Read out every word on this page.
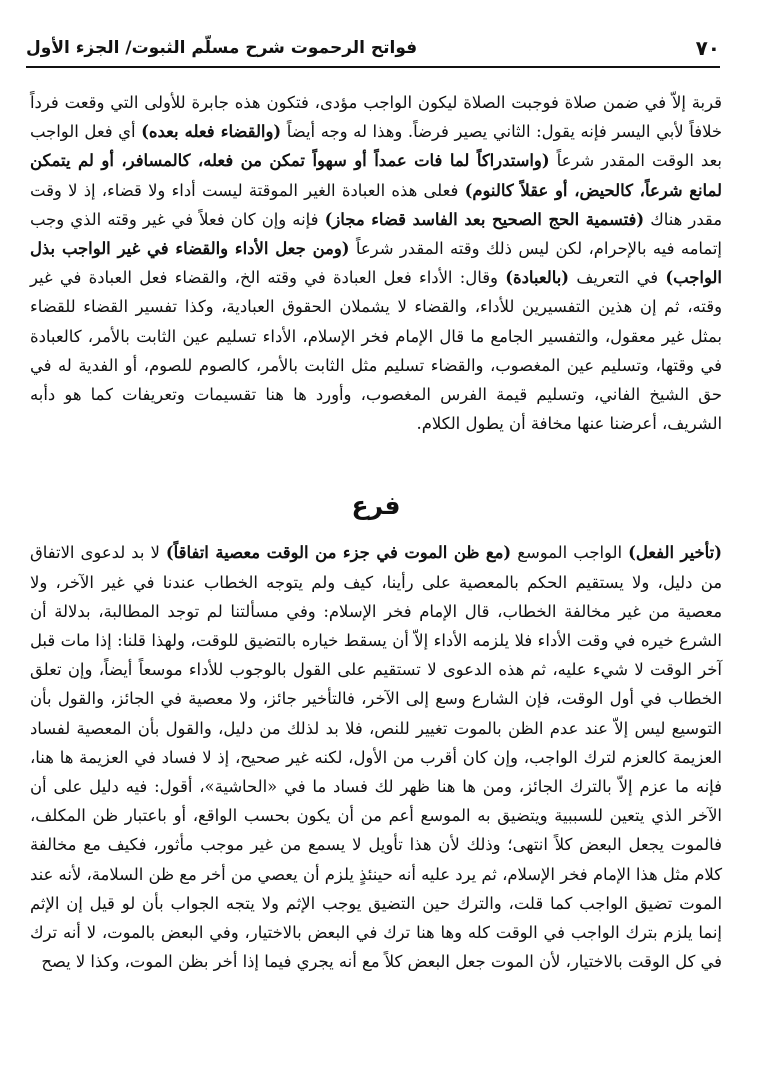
٧٠
فواتح الرحموت شرح مسلّم الثبوت/ الجزء الأول

قربة إلاّ في ضمن صلاة فوجبت الصلاة ليكون الواجب مؤدى، فتكون هذه جابرة للأولى التي وقعت فرداً خلافاً لأبي اليسر فإنه يقول: الثاني يصير فرضاً. وهذا له وجه أيضاً (والقضاء فعله بعده) أي فعل الواجب بعد الوقت المقدر شرعاً (واستدراكاً لما فات عمداً أو سهواً تمكن من فعله، كالمسافر، أو لم يتمكن لمانع شرعاً، كالحيض، أو عقلاً كالنوم) فعلى هذه العبادة الغير الموقتة ليست أداء ولا قضاء، إذ لا وقت مقدر هناك (فتسمية الحج الصحيح بعد الفاسد قضاء مجاز) فإنه وإن كان فعلاً في غير وقته الذي وجب إتمامه فيه بالإحرام، لكن ليس ذلك وقته المقدر شرعاً (ومن جعل الأداء والقضاء في غير الواجب بذل الواجب) في التعريف (بالعبادة) وقال: الأداء فعل العبادة في وقته الخ، والقضاء فعل العبادة في غير وقته، ثم إن هذين التفسيرين للأداء، والقضاء لا يشملان الحقوق العبادية، وكذا تفسير القضاء للقضاء بمثل غير معقول، والتفسير الجامع ما قال الإمام فخر الإسلام، الأداء تسليم عين الثابت بالأمر، كالعبادة في وقتها، وتسليم عين المغصوب، والقضاء تسليم مثل الثابت بالأمر، كالصوم للصوم، أو الفدية له في حق الشيخ الفاني، وتسليم قيمة الفرس المغصوب، وأورد ها هنا تقسيمات وتعريفات كما هو دأبه الشريف، أعرضنا عنها مخافة أن يطول الكلام.

فرع

(تأخير الفعل) الواجب الموسع (مع ظن الموت في جزء من الوقت معصية اتفاقاً) لا بد لدعوى الاتفاق من دليل، ولا يستقيم الحكم بالمعصية على رأينا، كيف ولم يتوجه الخطاب عندنا في غير الآخر، ولا معصية من غير مخالفة الخطاب، قال الإمام فخر الإسلام: وفي مسألتنا لم توجد المطالبة، بدلالة أن الشرع خيره في وقت الأداء فلا يلزمه الأداء إلاّ أن يسقط خياره بالتضيق للوقت، ولهذا قلنا: إذا مات قبل آخر الوقت لا شيء عليه، ثم هذه الدعوى لا تستقيم على القول بالوجوب للأداء موسعاً أيضاً، وإن تعلق الخطاب في أول الوقت، فإن الشارع وسع إلى الآخر، فالتأخير جائز، ولا معصية في الجائز، والقول بأن التوسيع ليس إلاّ عند عدم الظن بالموت تغيير للنص، فلا بد لذلك من دليل، والقول بأن المعصية لفساد العزيمة كالعزم لترك الواجب، وإن كان أقرب من الأول، لكنه غير صحيح، إذ لا فساد في العزيمة ها هنا، فإنه ما عزم إلاّ بالترك الجائز، ومن ها هنا ظهر لك فساد ما في «الحاشية»، أقول: فيه دليل على أن الآخر الذي يتعين للسببية ويتضيق به الموسع أعم من أن يكون بحسب الواقع، أو باعتبار ظن المكلف، فالموت يجعل البعض كلاً انتهى؛ وذلك لأن هذا تأويل لا يسمع من غير موجب مأثور، فكيف مع مخالفة كلام مثل هذا الإمام فخر الإسلام، ثم يرد عليه أنه حينئذٍ يلزم أن يعصي من أخر مع ظن السلامة، لأنه عند الموت تضيق الواجب كما قلت، والترك حين التضيق يوجب الإثم ولا يتجه الجواب بأن لو قيل إن الإثم إنما يلزم بترك الواجب في الوقت كله وها هنا ترك في البعض بالاختيار، وفي البعض بالموت، لا أنه ترك في كل الوقت بالاختيار، لأن الموت جعل البعض كلاً مع أنه يجري فيما إذا أخر بظن الموت، وكذا لا يصح
